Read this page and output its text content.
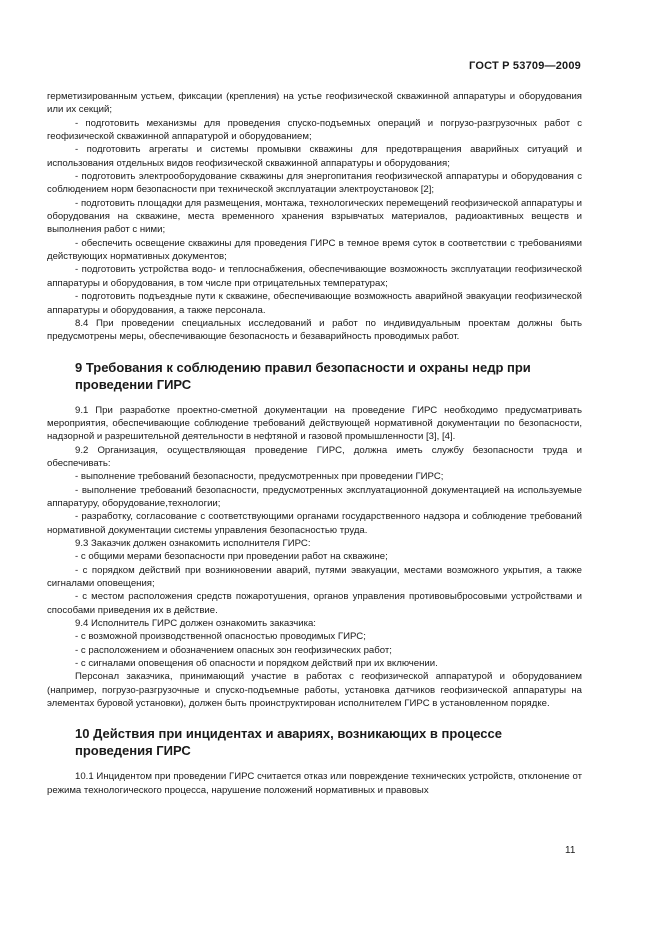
ГОСТ Р 53709—2009

герметизированным устьем, фиксации (крепления) на устье геофизической скважинной аппаратуры и оборудования или их секций;

- подготовить механизмы для проведения спуско-подъемных операций и погрузо-разгрузочных работ с геофизической скважинной аппаратурой и оборудованием;

- подготовить агрегаты и системы промывки скважины для предотвращения аварийных ситуаций и использования отдельных видов геофизической скважинной аппаратуры и оборудования;

- подготовить электрооборудование скважины для энергопитания геофизической аппаратуры и оборудования с соблюдением норм безопасности при технической эксплуатации электроустановок [2];

- подготовить площадки для размещения, монтажа, технологических перемещений геофизической аппаратуры и оборудования на скважине, места временного хранения взрывчатых материалов, радиоактивных веществ и выполнения работ с ними;

- обеспечить освещение скважины для проведения ГИРС в темное время суток в соответствии с требованиями действующих нормативных документов;

- подготовить устройства водо- и теплоснабжения, обеспечивающие возможность эксплуатации геофизической аппаратуры и оборудования, в том числе при отрицательных температурах;

- подготовить подъездные пути к скважине, обеспечивающие возможность аварийной эвакуации геофизической аппаратуры и оборудования, а также персонала.

8.4 При проведении специальных исследований и работ по индивидуальным проектам должны быть предусмотрены меры, обеспечивающие безопасность и безаварийность проводимых работ.

9 Требования к соблюдению правил безопасности и охраны недр при проведении ГИРС

9.1 При разработке проектно-сметной документации на проведение ГИРС необходимо предусматривать мероприятия, обеспечивающие соблюдение требований действующей нормативной документации по безопасности, надзорной и разрешительной деятельности в нефтяной и газовой промышленности [3], [4].

9.2 Организация, осуществляющая проведение ГИРС, должна иметь службу безопасности труда и обеспечивать:

- выполнение требований безопасности, предусмотренных при проведении ГИРС;

- выполнение требований безопасности, предусмотренных эксплуатационной документацией на используемые аппаратуру, оборудование,технологии;

- разработку, согласование с соответствующими органами государственного надзора и соблюдение требований нормативной документации системы управления безопасностью труда.

9.3 Заказчик должен ознакомить исполнителя ГИРС:

- с общими мерами безопасности при проведении работ на скважине;

- с порядком действий при возникновении аварий, путями эвакуации, местами возможного укрытия, а также сигналами оповещения;

- с местом расположения средств пожаротушения, органов управления противовыбросовыми устройствами и способами приведения их в действие.

9.4 Исполнитель ГИРС должен ознакомить заказчика:

- с возможной производственной опасностью проводимых ГИРС;

- с расположением и обозначением опасных зон геофизических работ;

- с сигналами оповещения об опасности и порядком действий при их включении.

Персонал заказчика, принимающий участие в работах с геофизической аппаратурой и оборудованием (например, погрузо-разгрузочные и спуско-подъемные работы, установка датчиков геофизической аппаратуры на элементах буровой установки), должен быть проинструктирован исполнителем ГИРС в установленном порядке.

10 Действия при инцидентах и авариях, возникающих в процессе проведения ГИРС

10.1 Инцидентом при проведении ГИРС считается отказ или повреждение технических устройств, отклонение от режима технологического процесса, нарушение положений нормативных и правовых

11
